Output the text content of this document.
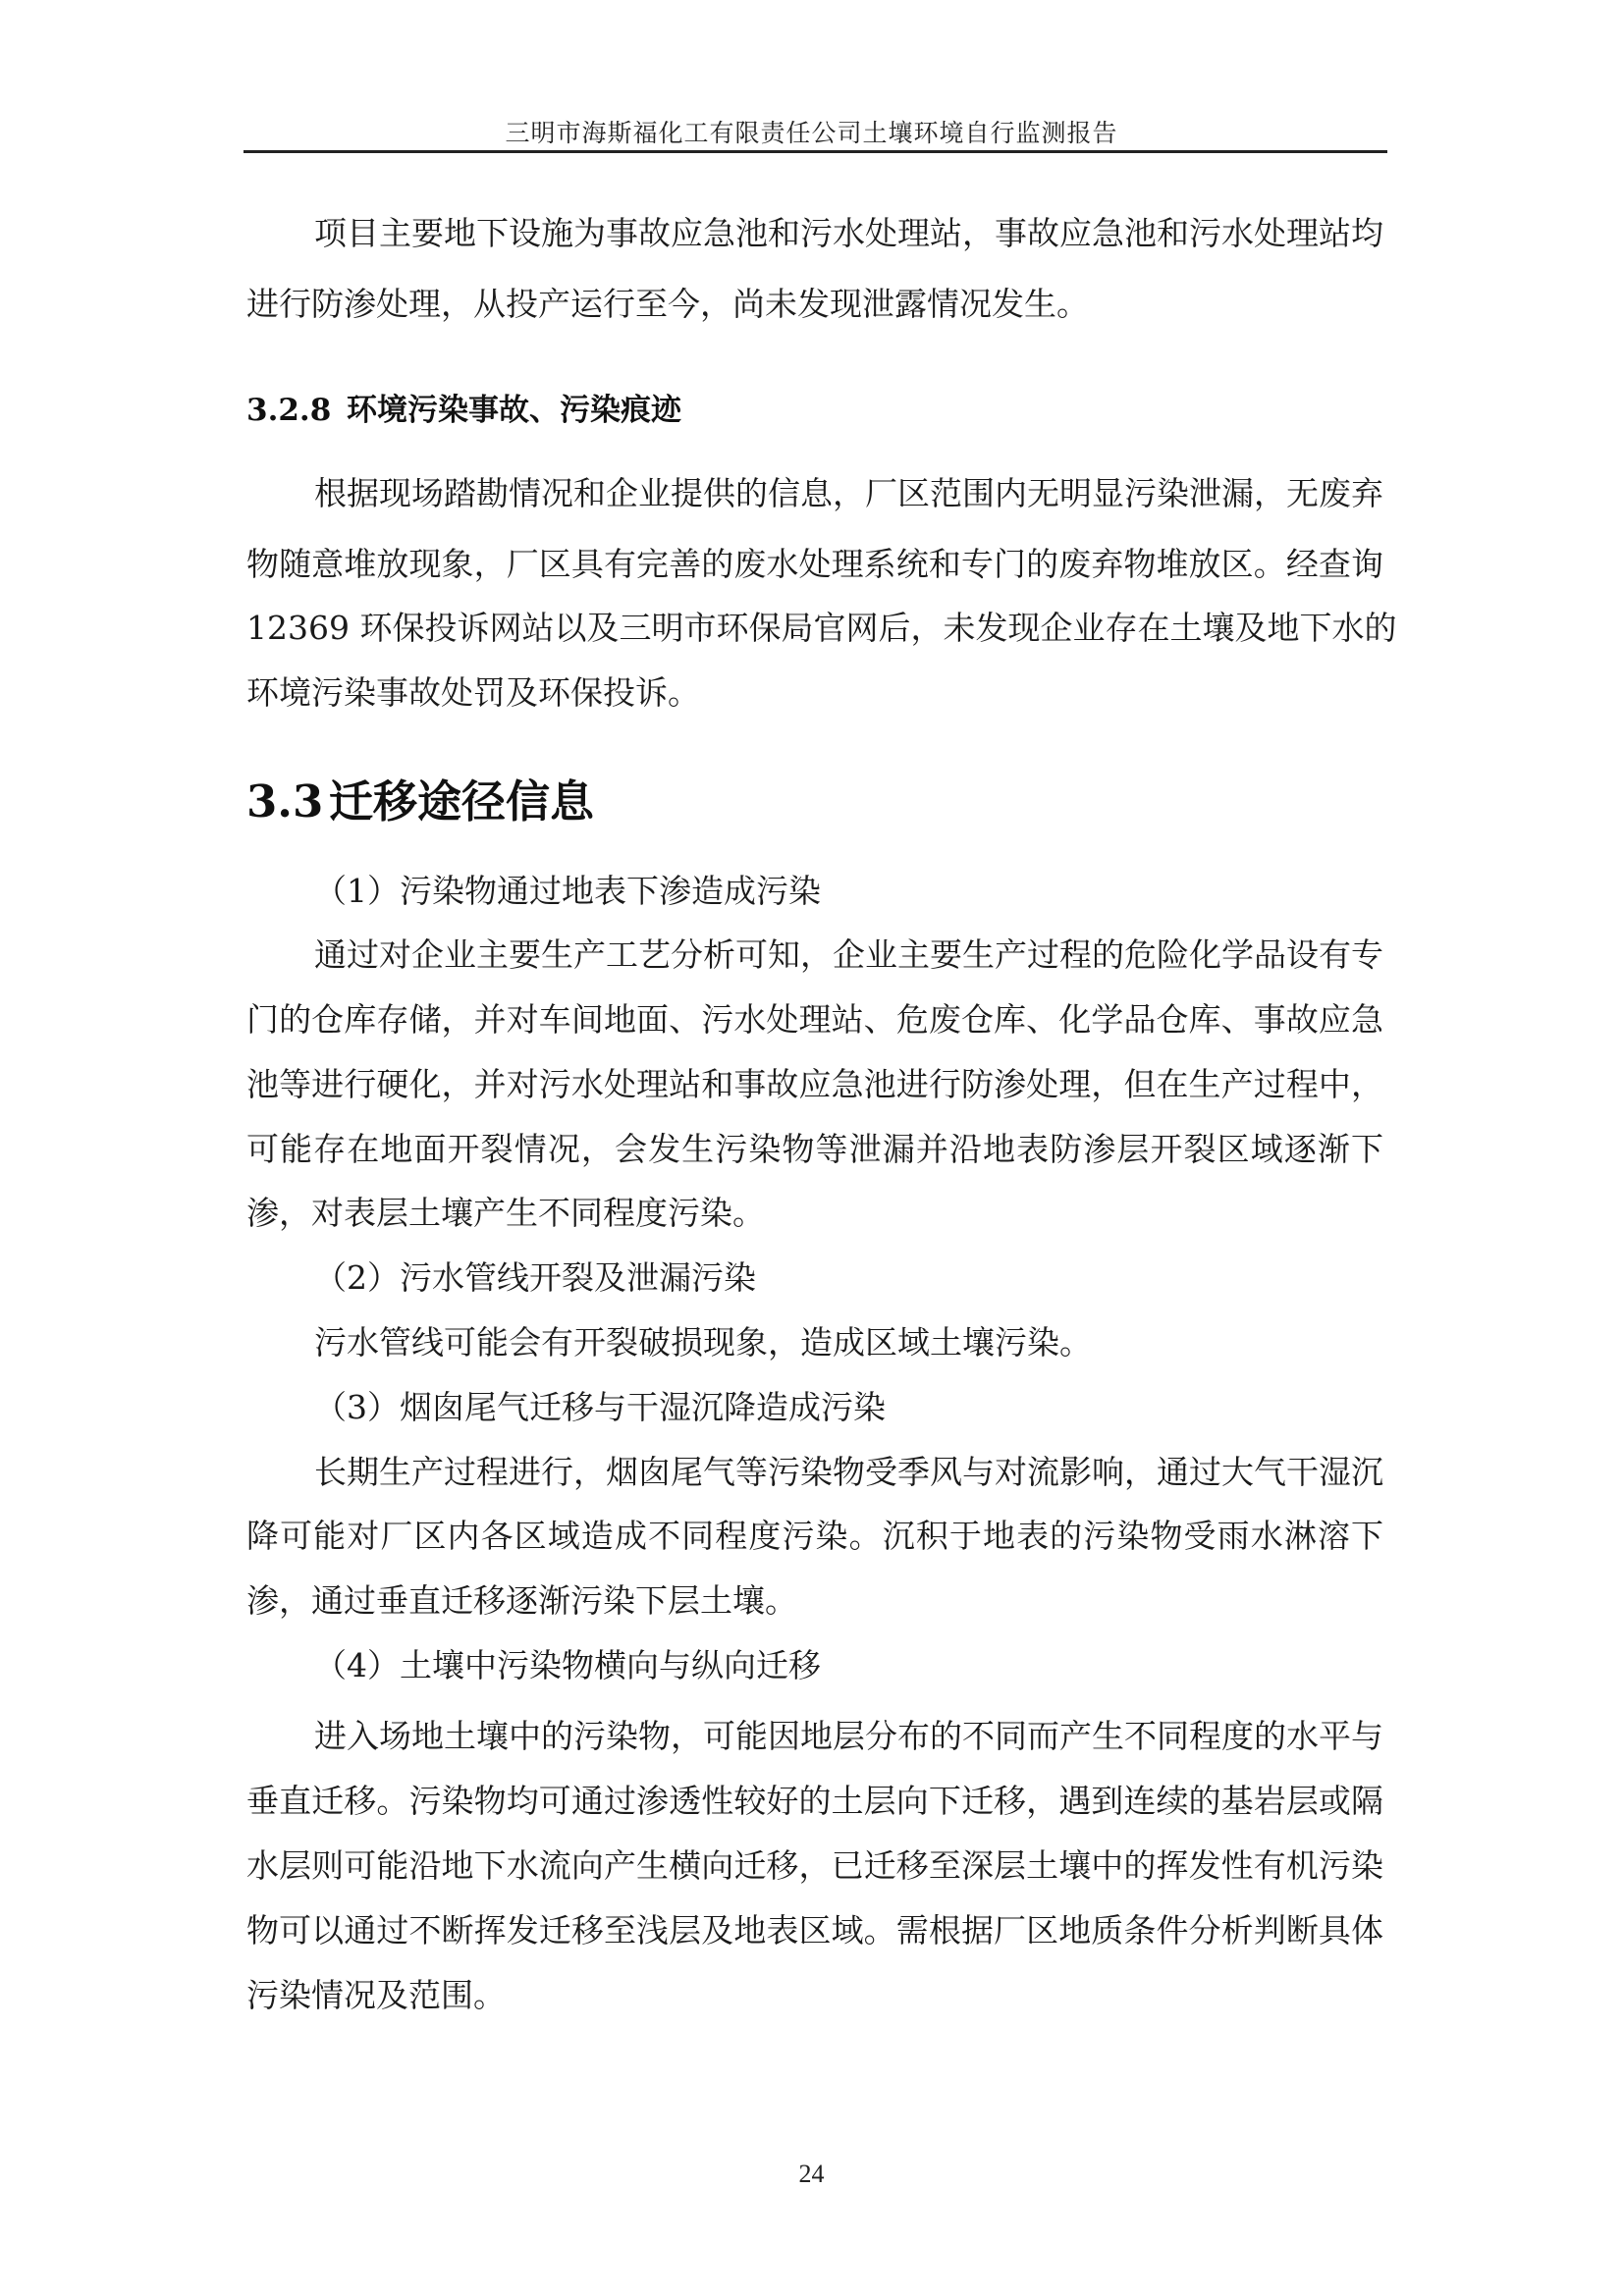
三明市海斯福化工有限责任公司土壤环境自行监测报告
项目主要地下设施为事故应急池和污水处理站，事故应急池和污水处理站均
进行防渗处理，从投产运行至今，尚未发现泄露情况发生。
3.2.8 环境污染事故、污染痕迹
根据现场踏勘情况和企业提供的信息，厂区范围内无明显污染泄漏，无废弃
物随意堆放现象，厂区具有完善的废水处理系统和专门的废弃物堆放区。经查询
12369 环保投诉网站以及三明市环保局官网后，未发现企业存在土壤及地下水的
环境污染事故处罚及环保投诉。
3.3 迁移途径信息
（1）污染物通过地表下渗造成污染
通过对企业主要生产工艺分析可知，企业主要生产过程的危险化学品设有专
门的仓库存储，并对车间地面、污水处理站、危废仓库、化学品仓库、事故应急
池等进行硬化，并对污水处理站和事故应急池进行防渗处理，但在生产过程中，
可能存在地面开裂情况，会发生污染物等泄漏并沿地表防渗层开裂区域逐渐下
渗，对表层土壤产生不同程度污染。
（2）污水管线开裂及泄漏污染
污水管线可能会有开裂破损现象，造成区域土壤污染。
（3）烟囱尾气迁移与干湿沉降造成污染
长期生产过程进行，烟囱尾气等污染物受季风与对流影响，通过大气干湿沉
降可能对厂区内各区域造成不同程度污染。沉积于地表的污染物受雨水淋溶下
渗，通过垂直迁移逐渐污染下层土壤。
（4）土壤中污染物横向与纵向迁移
进入场地土壤中的污染物，可能因地层分布的不同而产生不同程度的水平与
垂直迁移。污染物均可通过渗透性较好的土层向下迁移，遇到连续的基岩层或隔
水层则可能沿地下水流向产生横向迁移，已迁移至深层土壤中的挥发性有机污染
物可以通过不断挥发迁移至浅层及地表区域。需根据厂区地质条件分析判断具体
污染情况及范围。
24
